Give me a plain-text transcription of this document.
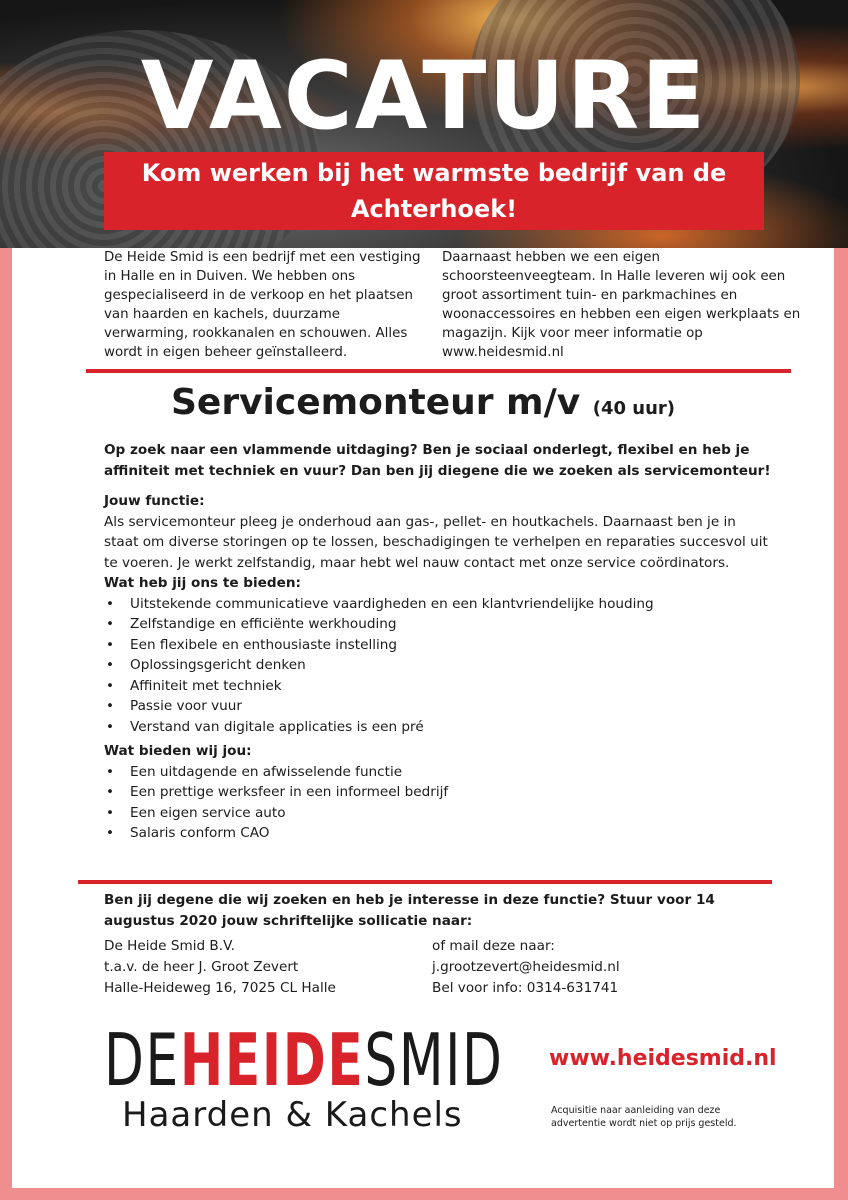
VACATURE
Kom werken bij het warmste bedrijf van de Achterhoek!
De Heide Smid is een bedrijf met een vestiging in Halle en in Duiven. We hebben ons gespecialiseerd in de verkoop en het plaatsen van haarden en kachels, duurzame verwarming, rookkanalen en schouwen. Alles wordt in eigen beheer geïnstalleerd.
Daarnaast hebben we een eigen schoorsteenveegteam. In Halle leveren wij ook een groot assortiment tuin- en parkmachines en woonaccessoires en hebben een eigen werkplaats en magazijn. Kijk voor meer informatie op www.heidesmid.nl
Servicemonteur m/v (40 uur)
Op zoek naar een vlammende uitdaging? Ben je sociaal onderlegt, flexibel en heb je affiniteit met techniek en vuur? Dan ben jij diegene die we zoeken als servicemonteur!
Jouw functie:
Als servicemonteur pleeg je onderhoud aan gas-, pellet- en houtkachels. Daarnaast ben je in staat om diverse storingen op te lossen, beschadigingen te verhelpen en reparaties succesvol uit te voeren. Je werkt zelfstandig, maar hebt wel nauw contact met onze service coördinators.
Wat heb jij ons te bieden:
• Uitstekende communicatieve vaardigheden en een klantvriendelijke houding
• Zelfstandige en efficiënte werkhouding
• Een flexibele en enthousiaste instelling
• Oplossingsgericht denken
• Affiniteit met techniek
• Passie voor vuur
• Verstand van digitale applicaties is een pré
Wat bieden wij jou:
• Een uitdagende en afwisselende functie
• Een prettige werksfeer in een informeel bedrijf
• Een eigen service auto
• Salaris conform CAO
Ben jij degene die wij zoeken en heb je interesse in deze functie? Stuur voor 14 augustus 2020 jouw schriftelijke sollicatie naar:
De Heide Smid B.V.
t.a.v. de heer J. Groot Zevert
Halle-Heideweg 16, 7025 CL Halle
of mail deze naar:
j.grootzevert@heidesmid.nl
Bel voor info: 0314-631741
DEHEIDESMID
Haarden & Kachels
www.heidesmid.nl
Acquisitie naar aanleiding van deze advertentie wordt niet op prijs gesteld.
